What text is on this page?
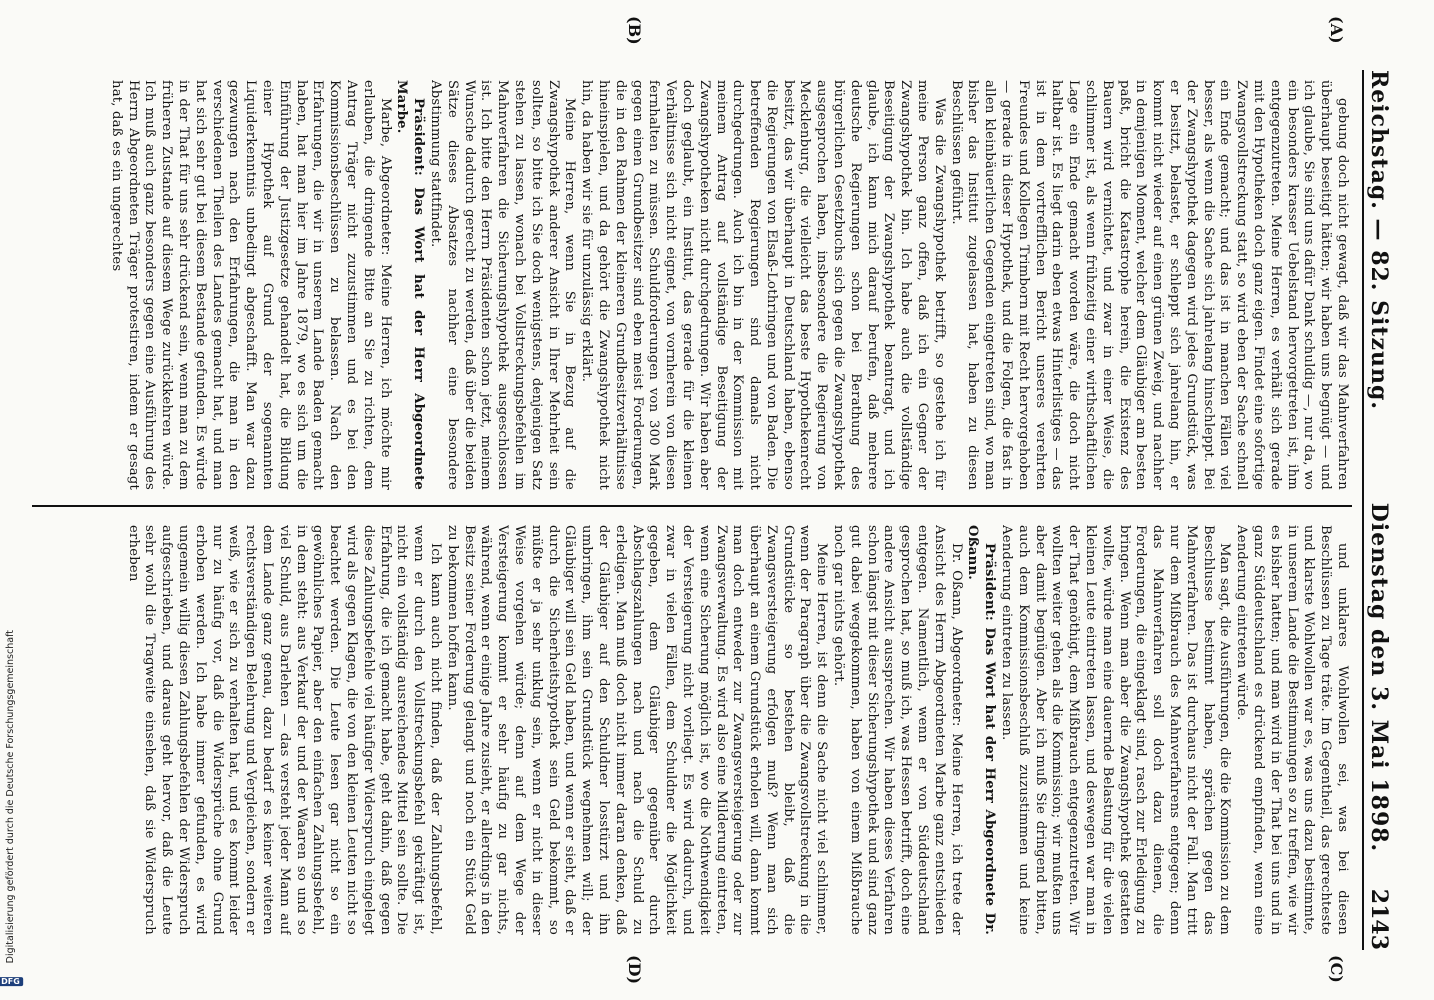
DFG
Digitalisierung gefördert durch die Deutsche Forschungsgemeinschaft
Reichstag. — 82. Sitzung.
Dienstag den 3. Mai 1898.
2143
(A)
(B)
(C)
(D)

gebung doch nicht gewagt, daß wir das Mahnverfahren überhaupt beseitigt hätten; wir haben uns begnügt — und ich glaube, Sie sind uns dafür Dank schuldig —, nur da, wo ein besonders krasser Uebelstand hervorgetreten ist, ihm entgegenzutreten. Meine Herren, es verhält sich gerade mit den Hypotheken doch ganz eigen. Findet eine sofortige Zwangsvollstreckung statt, so wird eben der Sache schnell ein Ende gemacht; und das ist in manchen Fällen viel besser, als wenn die Sache sich jahrelang hinschleppt. Bei der Zwangshypothek dagegen wird jedes Grundstück, was er besitzt, belastet, er schleppt sich jahrelang hin, er kommt nicht wieder auf einen grünen Zweig, und nachher in demjenigen Moment, welcher dem Gläubiger am besten paßt, bricht die Katastrophe herein, die Existenz des Bauern wird vernichtet, und zwar in einer Weise, die schlimmer ist, als wenn frühzeitig einer wirthschaftlichen Lage ein Ende gemacht worden wäre, die doch nicht haltbar ist. Es liegt darin eben etwas Hinterlistiges — das ist in dem vortrefflichen Bericht unseres verehrten Freundes und Kollegen Trimborn mit Recht hervorgehoben — gerade in dieser Hypothek, und die Folgen, die fast in allen kleinbäuerlichen Gegenden eingetreten sind, wo man bisher das Institut zugelassen hat, haben zu diesen Beschlüssen geführt.

Was die Zwangshypothek betrifft, so gestehe ich für meine Person ganz offen, daß ich ein Gegner der Zwangshypothek bin. Ich habe auch die vollständige Beseitigung der Zwangshypothek beantragt, und ich glaube, ich kann mich darauf berufen, daß mehrere deutsche Regierungen schon bei Berathung des bürgerlichen Gesetzbuchs sich gegen die Zwangshypothek ausgesprochen haben, insbesondere die Regierung von Mecklenburg, die vielleicht das beste Hypothekenrecht besitzt, das wir überhaupt in Deutschland haben, ebenso die Regierungen von Elsaß-Lothringen und von Baden. Die betreffenden Regierungen sind damals nicht durchgedrungen. Auch ich bin in der Kommission mit meinem Antrag auf vollständige Beseitigung der Zwangshypotheken nicht durchgedrungen. Wir haben aber doch geglaubt, ein Institut, das gerade für die kleinen Verhältnisse sich nicht eignet, von vornherein von diesen fernhalten zu müssen. Schuldforderungen von 300 Mark gegen einen Grundbesitzer sind eben meist Forderungen, die in den Rahmen der kleineren Grundbesitzverhältnisse hineinspielen, und da gehört die Zwangshypothek nicht hin, da haben wir sie für unzulässig erklärt.

Meine Herren, wenn Sie in Bezug auf die Zwangshypothek anderer Ansicht in Ihrer Mehrheit sein sollten, so bitte ich Sie doch wenigstens, denjenigen Satz stehen zu lassen, wonach bei Vollstreckungsbefehlen im Mahnverfahren die Sicherungshypothek ausgeschlossen ist. Ich bitte den Herrn Präsidenten schon jetzt, meinem Wunsche dadurch gerecht zu werden, daß über die beiden Sätze dieses Absatzes nachher eine besondere Abstimmung stattfindet.

Präsident: Das Wort hat der Herr Abgeordnete Marbe.

Marbe, Abgeordneter: Meine Herren, ich möchte mir erlauben, die dringende Bitte an Sie zu richten, dem Antrag Träger nicht zuzustimmen und es bei den Kommissionsbeschlüssen zu belassen. Nach den Erfahrungen, die wir in unserem Lande Baden gemacht haben, hat man hier im Jahre 1879, wo es sich um die Einführung der Justizgesetze gehandelt hat, die Bildung einer Hypothek auf Grund der sogenannten Liquiderkenntnis unbedingt abgeschafft. Man war dazu gezwungen nach den Erfahrungen, die man in den verschiedenen Theilen des Landes gemacht hat, und man hat sich sehr gut bei diesem Bestande gefunden. Es würde in der That für uns sehr drückend sein, wenn man zu dem früheren Zustande auf diesem Wege zurückkehren würde. Ich muß auch ganz besonders gegen eine Ausführung des Herrn Abgeordneten Träger protestiren, indem er gesagt hat, daß es ein ungerechtes

und unklares Wohlwollen sei, was bei diesen Beschlüssen zu Tage träte. Im Gegentheil, das gerechteste und klarste Wohlwollen war es, was uns dazu bestimmte, in unserem Lande die Bestimmungen so zu treffen, wie wir es bisher hatten; und man wird in der That bei uns und in ganz Süddeutschland es drückend empfinden, wenn eine Aenderung eintreten würde.

Man sagt, die Ausführungen, die die Kommission zu dem Beschlusse bestimmt haben, sprächen gegen das Mahnverfahren. Das ist durchaus nicht der Fall. Man tritt nur dem Mißbrauch des Mahnverfahrens entgegen; denn das Mahnverfahren soll doch dazu dienen, die Forderungen, die eingeklagt sind, rasch zur Erledigung zu bringen. Wenn man aber die Zwangshypothek gestatten wollte, würde man eine dauernde Belastung für die vielen kleinen Leute eintreten lassen, und deswegen war man in der That genöthigt, dem Mißbrauch entgegenzutreten. Wir wollten weiter gehen als die Kommission; wir mußten uns aber damit begnügen. Aber ich muß Sie dringend bitten, auch dem Kommissionsbeschluß zuzustimmen und keine Aenderung eintreten zu lassen.

Präsident: Das Wort hat der Herr Abgeordnete Dr. Oßann.

Dr. Oßann, Abgeordneter: Meine Herren, ich trete der Ansicht des Herrn Abgeordneten Marbe ganz entschieden entgegen. Namentlich, wenn er von Süddeutschland gesprochen hat, so muß ich, was Hessen betrifft, doch eine andere Ansicht aussprechen. Wir haben dieses Verfahren schon längst mit dieser Sicherungshypothek und sind ganz gut dabei weggekommen, haben von einem Mißbrauche noch gar nichts gehört.

Meine Herren, ist denn die Sache nicht viel schlimmer, wenn der Paragraph über die Zwangsvollstreckung in die Grundstücke so bestehen bleibt, daß die Zwangsversteigerung erfolgen muß? Wenn man sich überhaupt an einem Grundstück erholen will, dann kommt man doch entweder zur Zwangsversteigerung oder zur Zwangsverwaltung. Es wird also eine Milderung eintreten, wenn eine Sicherung möglich ist, wo die Nothwendigkeit der Versteigerung nicht vorliegt. Es wird dadurch, und zwar in vielen Fällen, dem Schuldner die Möglichkeit gegeben, dem Gläubiger gegenüber durch Abschlagszahlungen nach und nach die Schuld zu erledigen. Man muß doch nicht immer daran denken, daß der Gläubiger auf den Schuldner losstürzt und ihn umbringen, ihm sein Grundstück wegnehmen will; der Gläubiger will sein Geld haben, und wenn er sieht, daß er durch die Sicherheitshypothek sein Geld bekommt, so müßte er ja sehr unklug sein, wenn er nicht in dieser Weise vorgehen würde; denn auf dem Wege der Versteigerung kommt er sehr häufig zu gar nichts, während, wenn er einige Jahre zusieht, er allerdings in den Besitz seiner Forderung gelangt und noch ein Stück Geld zu bekommen hoffen kann.

Ich kann auch nicht finden, daß der Zahlungsbefehl, wenn er durch den Vollstreckungsbefehl gekräftigt ist, nicht ein vollständig ausreichendes Mittel sein sollte. Die Erfahrung, die ich gemacht habe, geht dahin, daß gegen diese Zahlungsbefehle viel häufiger Widerspruch eingelegt wird als gegen Klagen, die von den kleinen Leuten nicht so beachtet werden. Die Leute lesen gar nicht so ein gewöhnliches Papier, aber den einfachen Zahlungsbefehl, in dem steht: aus Verkauf der und der Waaren so und so viel Schuld, aus Darlehen — das versteht jeder Mann auf dem Lande ganz genau, dazu bedarf es keiner weiteren rechtsverständigen Belehrung und Vergleichen, sondern er weiß, wie er sich zu verhalten hat, und es kommt leider nur zu häufig vor, daß die Widersprüche ohne Grund erhoben werden. Ich habe immer gefunden, es wird ungemein willig diesen Zahlungsbefehlen der Widerspruch aufgeschrieben, und daraus geht hervor, daß die Leute sehr wohl die Tragweite einsehen, daß sie Widerspruch erheben
